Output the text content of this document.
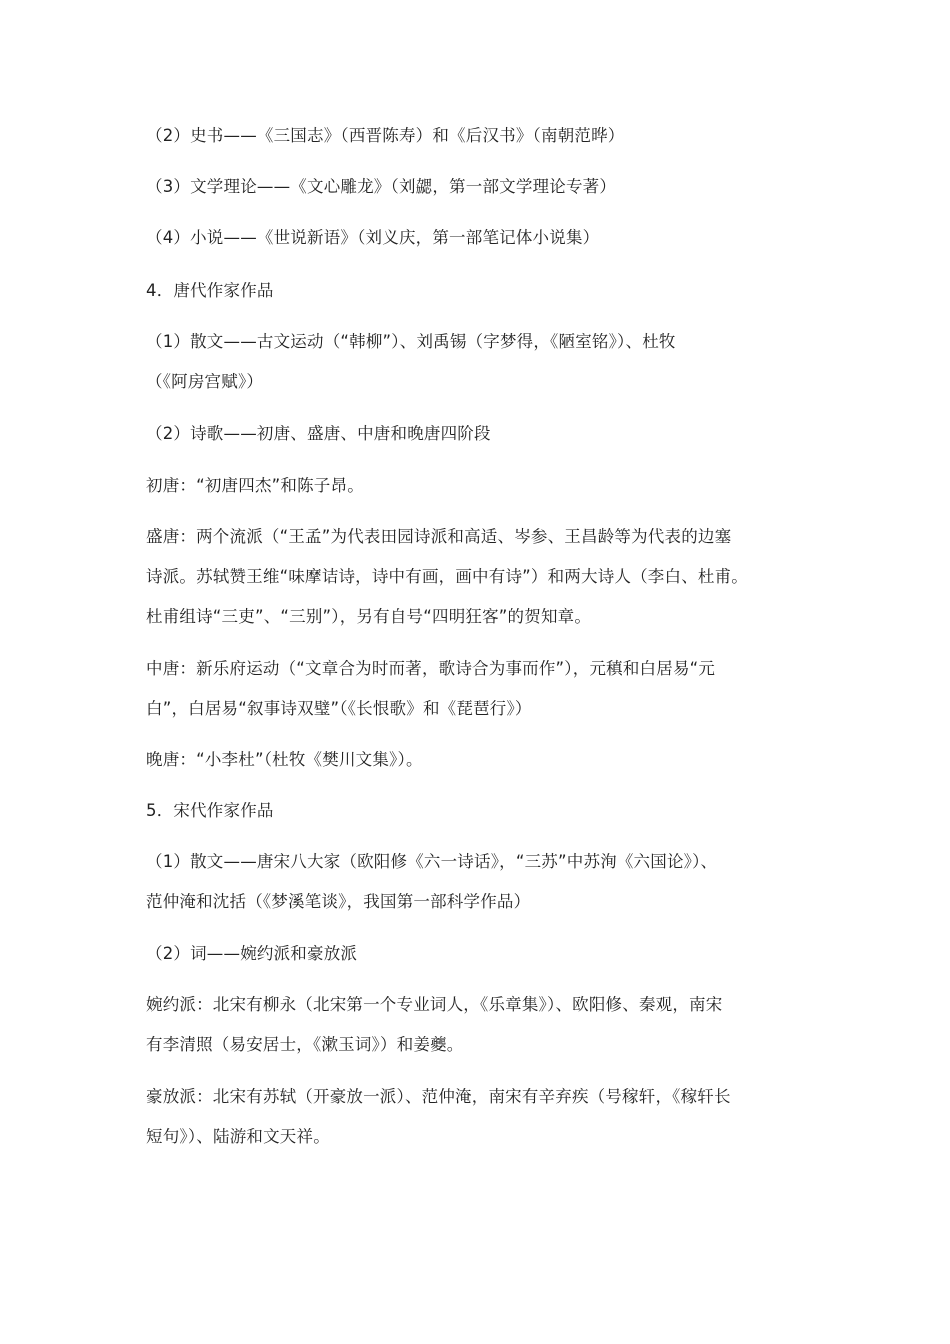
（2）史书——《三国志》（西晋陈寿）和《后汉书》（南朝范晔）
（3）文学理论——《文心雕龙》（刘勰，第一部文学理论专著）
（4）小说——《世说新语》（刘义庆，第一部笔记体小说集）
4．唐代作家作品
（1）散文——古文运动（“韩柳”）、刘禹锡（字梦得，《陋室铭》）、杜牧
（《阿房宫赋》）
（2）诗歌——初唐、盛唐、中唐和晚唐四阶段
初唐：“初唐四杰”和陈子昂。
盛唐：两个流派（“王孟”为代表田园诗派和高适、岑参、王昌龄等为代表的边塞
诗派。苏轼赞王维“味摩诘诗，诗中有画，画中有诗”）和两大诗人（李白、杜甫。
杜甫组诗“三吏”、“三别”），另有自号“四明狂客”的贺知章。
中唐：新乐府运动（“文章合为时而著，歌诗合为事而作”），元稹和白居易“元
白”，白居易“叙事诗双璧”（《长恨歌》和《琵琶行》）
晚唐：“小李杜”（杜牧《樊川文集》）。
5．宋代作家作品
（1）散文——唐宋八大家（欧阳修《六一诗话》，“三苏”中苏洵《六国论》）、
范仲淹和沈括（《梦溪笔谈》，我国第一部科学作品）
（2）词——婉约派和豪放派
婉约派：北宋有柳永（北宋第一个专业词人，《乐章集》）、欧阳修、秦观，南宋
有李清照（易安居士，《漱玉词》）和姜夔。
豪放派：北宋有苏轼（开豪放一派）、范仲淹，南宋有辛弃疾（号稼轩，《稼轩长
短句》）、陆游和文天祥。
